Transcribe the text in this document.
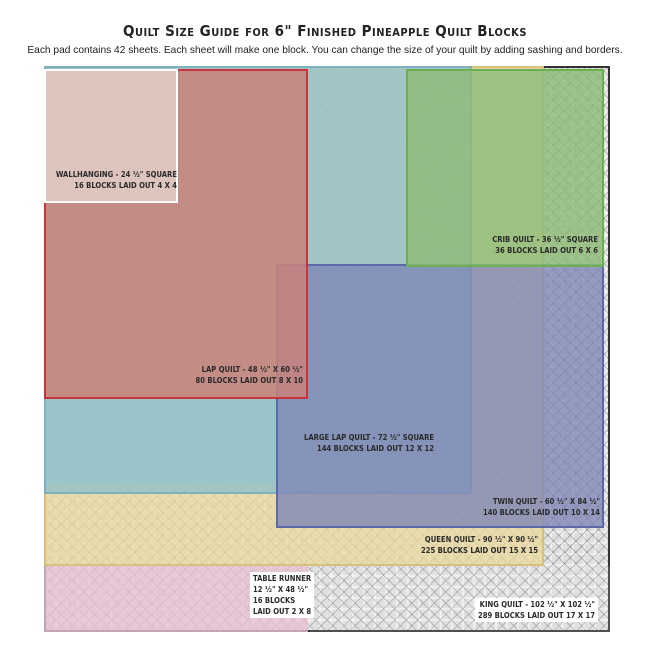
Quilt Size Guide for 6" Finished Pineapple Quilt Blocks
Each pad contains 42 sheets. Each sheet will make one block. You can change the size of your quilt by adding sashing and borders.
WALLHANGING - 24 ½" SQUARE
16 BLOCKS LAID OUT 4 X 4
CRIB QUILT - 36 ½" SQUARE
36 BLOCKS LAID OUT 6 X 6
LAP QUILT - 48 ½" X 60 ½"
80 BLOCKS LAID OUT 8 X 10
LARGE LAP QUILT - 72 ½" SQUARE
144 BLOCKS LAID OUT 12 X 12
TWIN QUILT - 60 ½" X 84 ½"
140 BLOCKS LAID OUT 10 X 14
QUEEN QUILT - 90 ½" X 90 ½"
225 BLOCKS LAID OUT 15 X 15
TABLE RUNNER
12 ½" X 48 ½"
16 BLOCKS
LAID OUT 2 X 8
KING QUILT - 102 ½" X 102 ½"
289 BLOCKS LAID OUT 17 X 17
